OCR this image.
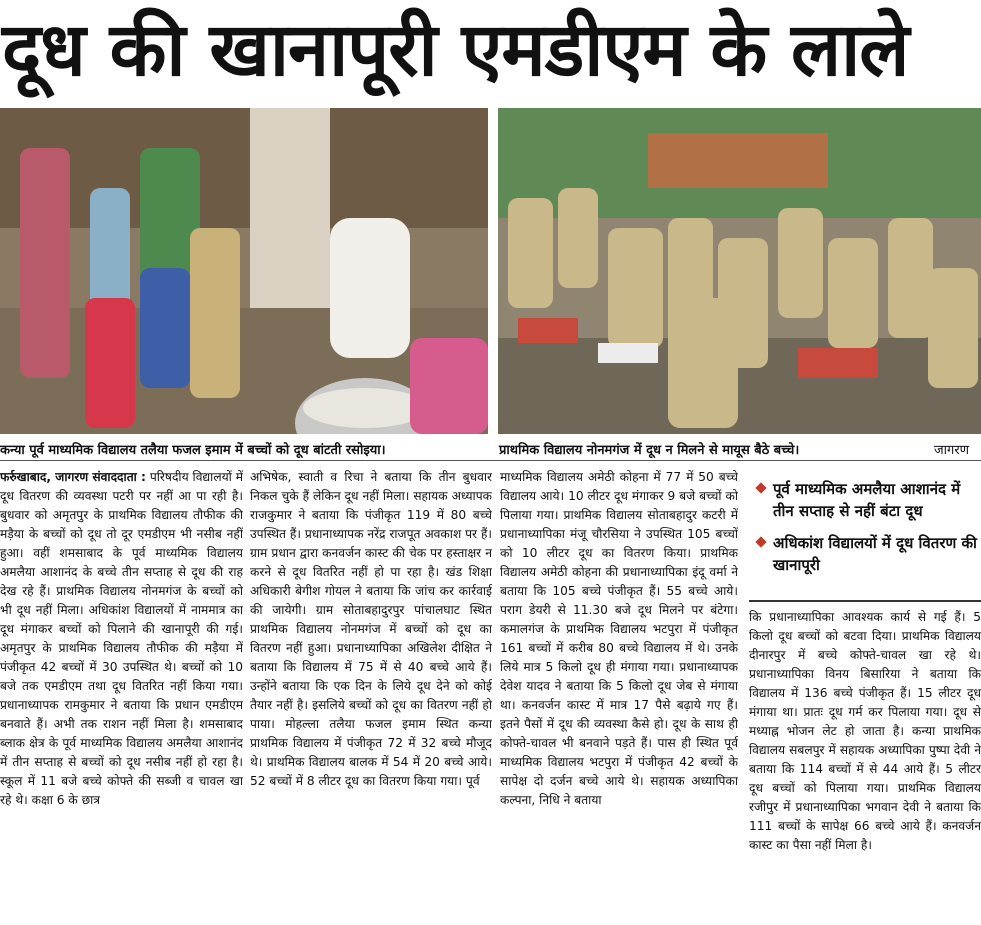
दूध की खानापूरी एमडीएम के लाले
कन्या पूर्व माध्यमिक विद्यालय तलैया फजल इमाम में बच्चों को दूध बांटती रसोइया।	प्राथमिक विद्यालय नोनमगंज में दूध न मिलने से मायूस बैठे बच्चे।	जागरण

फर्रुखाबाद, जागरण संवाददाता : परिषदीय विद्यालयों में दूध वितरण की व्यवस्था पटरी पर नहीं आ पा रही है। बुधवार को अमृतपुर के प्राथमिक विद्यालय तौफीक की मड़ैया के बच्चों को दूध तो दूर एमडीएम भी नसीब नहीं हुआ। वहीं शमसाबाद के पूर्व माध्यमिक विद्यालय अमलैया आशानंद के बच्चे तीन सप्ताह से दूध की राह देख रहे हैं। प्राथमिक विद्यालय नोनमगंज के बच्चों को भी दूध नहीं मिला। अधिकांश विद्यालयों में नाममात्र का दूध मंगाकर बच्चों को पिलाने की खानापूरी की गई। अमृतपुर के प्राथमिक विद्यालय तौफीक की मड़ैया में पंजीकृत 42 बच्चों में 30 उपस्थित थे। बच्चों को 10 बजे तक एमडीएम तथा दूध वितरित नहीं किया गया। प्रधानाध्यापक रामकुमार ने बताया कि प्रधान एमडीएम बनवाते हैं। अभी तक राशन नहीं मिला है। शमसाबाद ब्लाक क्षेत्र के पूर्व माध्यमिक विद्यालय अमलैया आशानंद में तीन सप्ताह से बच्चों को दूध नसीब नहीं हो रहा है। स्कूल में 11 बजे बच्चे कोफ्ते की सब्जी व चावल खा रहे थे। कक्षा 6 के छात्र

अभिषेक, स्वाती व रिचा ने बताया कि तीन बुधवार निकल चुके हैं लेकिन दूध नहीं मिला। सहायक अध्यापक राजकुमार ने बताया कि पंजीकृत 119 में 80 बच्चे उपस्थित हैं। प्रधानाध्यापक नरेंद्र राजपूत अवकाश पर हैं। ग्राम प्रधान द्वारा कनवर्जन कास्ट की चेक पर हस्ताक्षर न करने से दूध वितरित नहीं हो पा रहा है। खंड शिक्षा अधिकारी बेगीश गोयल ने बताया कि जांच कर कार्रवाई की जायेगी। ग्राम सोताबहादुरपुर पांचालघाट स्थित प्राथमिक विद्यालय नोनमगंज में बच्चों को दूध का वितरण नहीं हुआ। प्रधानाध्यापिका अखिलेश दीक्षित ने बताया कि विद्यालय में 75 में से 40 बच्चे आये हैं। उन्होंने बताया कि एक दिन के लिये दूध देने को कोई तैयार नहीं है। इसलिये बच्चों को दूध का वितरण नहीं हो पाया। मोहल्ला तलैया फजल इमाम स्थित कन्या प्राथमिक विद्यालय में पंजीकृत 72 में 32 बच्चे मौजूद थे। प्राथमिक विद्यालय बालक में 54 में 20 बच्चे आये। 52 बच्चों में 8 लीटर दूध का वितरण किया गया। पूर्व

माध्यमिक विद्यालय अमेठी कोहना में 77 में 50 बच्चे विद्यालय आये। 10 लीटर दूध मंगाकर 9 बजे बच्चों को पिलाया गया। प्राथमिक विद्यालय सोताबहादुर कटरी में प्रधानाध्यापिका मंजू चौरसिया ने उपस्थित 105 बच्चों को 10 लीटर दूध का वितरण किया। प्राथमिक विद्यालय अमेठी कोहना की प्रधानाध्यापिका इंदू वर्मा ने बताया कि 105 बच्चे पंजीकृत हैं। 55 बच्चे आये। पराग डेयरी से 11.30 बजे दूध मिलने पर बंटेगा। कमालगंज के प्राथमिक विद्यालय भटपुरा में पंजीकृत 161 बच्चों में करीब 80 बच्चे विद्यालय में थे। उनके लिये मात्र 5 किलो दूध ही मंगाया गया। प्रधानाध्यापक देवेश यादव ने बताया कि 5 किलो दूध जेब से मंगाया था। कनवर्जन कास्ट में मात्र 17 पैसे बढ़ाये गए हैं। इतने पैसों में दूध की व्यवस्था कैसे हो। दूध के साथ ही कोफ्ते-चावल भी बनवाने पड़ते हैं। पास ही स्थित पूर्व माध्यमिक विद्यालय भटपुरा में पंजीकृत 42 बच्चों के सापेक्ष दो दर्जन बच्चे आये थे। सहायक अध्यापिका कल्पना, निधि ने बताया

पूर्व माध्यमिक अमलैया आशानंद में तीन सप्ताह से नहीं बंटा दूध
अधिकांश विद्यालयों में दूध वितरण की खानापूरी

कि प्रधानाध्यापिका आवश्यक कार्य से गई हैं। 5 किलो दूध बच्चों को बटवा दिया। प्राथमिक विद्यालय दीनारपुर में बच्चे कोफ्ते-चावल खा रहे थे। प्रधानाध्यापिका विनय बिसारिया ने बताया कि विद्यालय में 136 बच्चे पंजीकृत हैं। 15 लीटर दूध मंगाया था। प्रातः दूध गर्म कर पिलाया गया। दूध से मध्याह्न भोजन लेट हो जाता है। कन्या प्राथमिक विद्यालय सबलपुर में सहायक अध्यापिका पुष्पा देवी ने बताया कि 114 बच्चों में से 44 आये हैं। 5 लीटर दूध बच्चों को पिलाया गया। प्राथमिक विद्यालय रजीपुर में प्रधानाध्यापिका भगवान देवी ने बताया कि 111 बच्चों के सापेक्ष 66 बच्चे आये हैं। कनवर्जन कास्ट का पैसा नहीं मिला है।
